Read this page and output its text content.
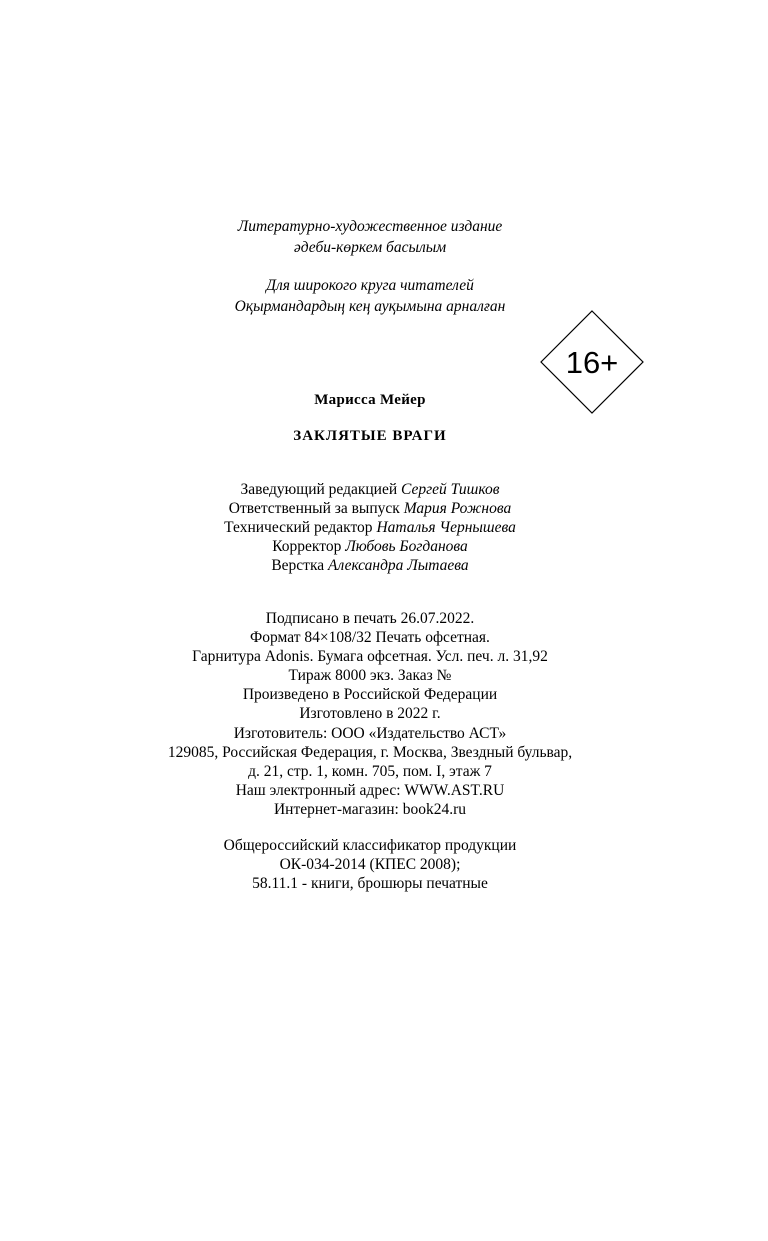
Литературно-художественное издание
әдеби-көркем басылым
Для широкого круга читателей
Оқырмандардың кең ауқымына арналған
16+
Марисса Мейер
ЗАКЛЯТЫЕ ВРАГИ
Заведующий редакцией Сергей Тишков
Ответственный за выпуск Мария Рожнова
Технический редактор Наталья Чернышева
Корректор Любовь Богданова
Верстка Александра Лытаева
Подписано в печать 26.07.2022.
Формат 84×108/32 Печать офсетная.
Гарнитура Adonis. Бумага офсетная. Усл. печ. л. 31,92
Тираж 8000 экз. Заказ №
Произведено в Российской Федерации
Изготовлено в 2022 г.
Изготовитель: ООО «Издательство АСТ»
129085, Российская Федерация, г. Москва, Звездный бульвар,
д. 21, стр. 1, комн. 705, пом. I, этаж 7
Наш электронный адрес: WWW.AST.RU
Интернет-магазин: book24.ru
Общероссийский классификатор продукции
ОК-034-2014 (КПЕС 2008);
58.11.1 - книги, брошюры печатные
